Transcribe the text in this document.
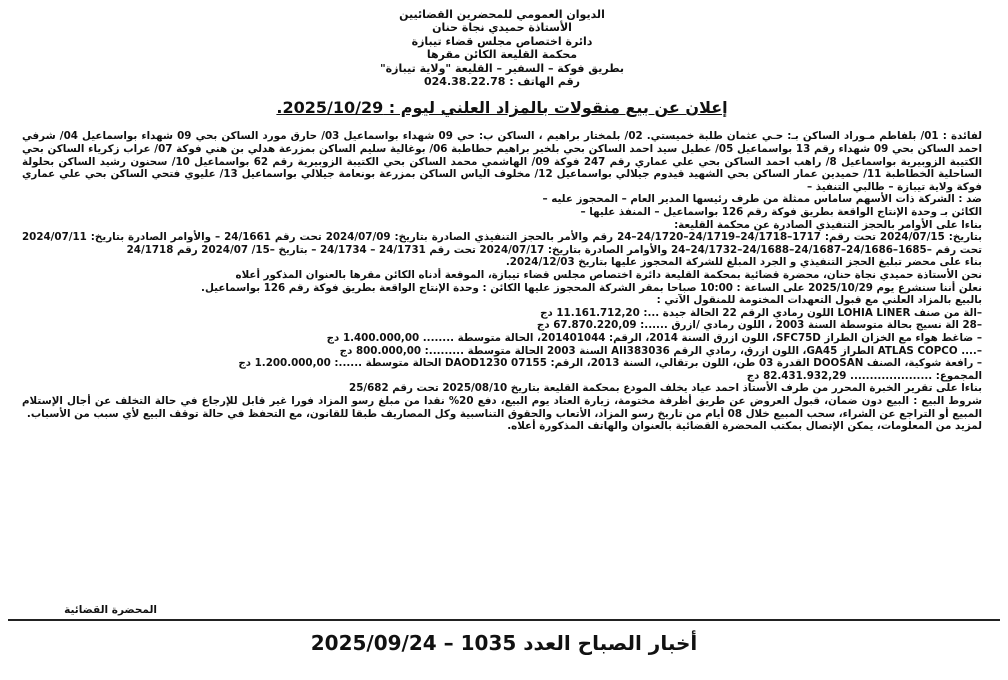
الديوان العمومي للمحضرين القضائيين
الأستاذة حميدي نجاة حنان
دائرة اختصاص مجلس قضاء تيبازة
محكمة القليعة الكائن مقرها
بطريق فوكة – السفير – القليعة "ولاية تيبازة"
رقم الهاتف : 024.38.22.78
إعلان عن بيع منقولات بالمزاد العلني ليوم : 2025/10/29.

لفائدة : 01/ بلفاطم مـوراد الساكن بـ: حـي عثمان طلبة خميستي. 02/ بلمختار براهيم ، الساكن ب: حي 09 شهداء بواسماعيل 03/ حارق مورد الساكن بحي 09 شهداء بواسماعيل 04/ شرفي احمد الساكن بحي 09 شهداء رقم 13 بواسماعيل 05/ عطيل سيد احمد الساكن بحي بلخير براهيم حطاطبة 06/ بوغالية سليم الساكن بمزرعة هدلي بن هني فوكة 07/ عراب زكرياء الساكن بحي الكتيبة الزوبيرية بواسماعيل 8/ راهب احمد الساكن بحي علي عماري رقم 247 فوكة 09/ الهاشمي محمد الساكن بحي الكتيبة الزوبيرية رقم 62 بواسماعيل 10/ سحنون رشيد الساكن بحلولة الساحلية الخطاطبة 11/ حميدين عمار الساكن بحي الشهيد قيدوم جيلالي بواسماعيل 12/ مخلوف الياس الساكن بمزرعة بونعامة جيلالي بواسماعيل 13/ عليوي فتحي الساكن بحي علي عماري فوكة ولاية تيبازة – طالبي التنفيذ –

ضد : الشركة ذات الأسهم ساماس ممثلة من طرف رئيسها المدير العام – المحجوز عليه –

الكائن بـ وحدة الإنتاج الواقعة بطريق فوكة رقم 126 بواسماعيل – المنفذ عليها –

بناءا على الأوامر بالحجز التنفيذي الصادرة عن محكمة القليعة:

بتاريخ: 2024/07/15 تحت رقم: 1717–24/1718–24/1719–24/1720–24 رقم والأمر بالحجز التنفيذي الصادرة بتاريخ: 2024/07/09 تحت رقم 24/1661 – والأوامر الصادرة بتاريخ: 2024/07/11 تحت رقم –1685–24/1686–24/1687–24/1688–24/1732–24 والأوامر الصادرة بتاريخ: 2024/07/17 تحت رقم 24/1731 – 24/1734 – بتاريخ –15/ 2024/07 رقم 24/1718

بناء على محضر تبليغ الحجز التنفيذي و الجرد المبلغ للشركة المحجوز عليها بتاريخ 2024/12/03.

نحن الأستاذة حميدي نجاة حنان، محضرة قضائية بمحكمة القليعة دائرة اختصاص مجلس قضاء تيبازة، الموقعة أدناه الكائن مقرها بالعنوان المذكور أعلاه

نعلن أننا سنشرع يوم 2025/10/29 على الساعة : 10:00 صباحا بمقر الشركة المحجوز عليها الكائن : وحدة الإنتاج الواقعة بطريق فوكة رقم 126 بواسماعيل.

بالبيع بالمزاد العلني مع قبول التعهدات المختومة للمنقول الآتي :

–الة من صنف LOHIA LINER اللون رمادي الرقم 22 الحالة جيدة ...: 11.161.712,20 دج

–28 الة نسيج بحالة متوسطة السنة 2003 ، اللون رمادي /ازرق ......: 67.870.220,09 دج

– ضاغط هواء مع الخزان الطراز SFC75D، اللون ازرق السنة 2014، الرقم: 201401044، الحالة متوسطة ........ 1.400.000,00 دج

–.... ATLAS COPCO الطراز GA45، اللون ازرق، رمادي الرقم AII383036 السنة 2003 الحالة متوسطة .........: 800.000,00 دج

– رافعة شوكية، الصنف DOOSAN القدرة 03 طن، اللون برتقالي، السنة 2013، الرقم: DAOD1230 07155 الحالة متوسطة ......: 1.200.000,00 دج

المجموع: ..................... 82.431.932,29 دج

بناءا على تقرير الخبرة المحرر من طرف الأستاذ احمد عياد يخلف المودع بمحكمة القليعة بتاريخ 2025/08/10 تحت رقم 25/682

شروط البيع : البيع دون ضمان، قبول العروض عن طريق أظرفة مختومة، زيارة العتاد يوم البيع، دفع 20% نقدا من مبلغ رسو المزاد فورا غير قابل للإرجاع في حالة التخلف عن أجال الإستلام المبيع أو التراجع عن الشراء، سحب المبيع خلال 08 أيام من تاريخ رسو المزاد، الأتعاب والحقوق التناسبية وكل المصاريف طبقا للقانون، مع التحفظ في حالة توقف البيع لأي سبب من الأسباب.

لمزيد من المعلومات، يمكن الإتصال بمكتب المحضرة القضائية بالعنوان والهاتف المذكورة أعلاه.

المحضرة القضائية
أخبار الصباح العدد 1035 – 2025/09/24
